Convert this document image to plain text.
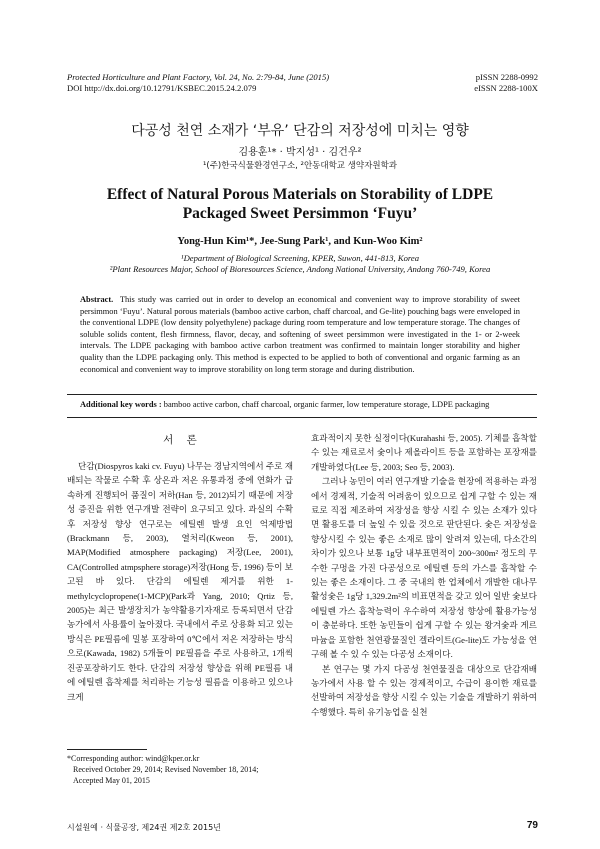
Protected Horticulture and Plant Factory, Vol. 24, No. 2:79-84, June (2015)
DOI http://dx.doi.org/10.12791/KSBEC.2015.24.2.079
pISSN 2288-0992
eISSN 2288-100X
다공성 천연 소재가 ‘부유’ 단감의 저장성에 미치는 영향
김용훈¹* · 박지성¹ · 김건우²
¹(주)한국식물환경연구소, ²안동대학교 생약자원학과
Effect of Natural Porous Materials on Storability of LDPE
Packaged Sweet Persimmon ‘Fuyu’
Yong-Hun Kim¹*, Jee-Sung Park¹, and Kun-Woo Kim²
¹Department of Biological Screening, KPER, Suwon, 441-813, Korea
²Plant Resources Major, School of Bioresources Science, Andong National University, Andong 760-749, Korea
Abstract. This study was carried out in order to develop an economical and convenient way to improve storability of sweet persimmon ‘Fuyu’. Natural porous materials (bamboo active carbon, chaff charcoal, and Ge-lite) pouching bags were enveloped in the conventional LDPE (low density polyethylene) package during room temperature and low temperature storage. The changes of soluble solids content, flesh firmness, flavor, decay, and softening of sweet persimmon were investigated in the 1- or 2-week intervals. The LDPE packaging with bamboo active carbon treatment was confirmed to maintain longer storability and higher quality than the LDPE packaging only. This method is expected to be applied to both of conventional and organic farming as an economical and convenient way to improve storability on long term storage and during distribution.
Additional key words : bamboo active carbon, chaff charcoal, organic farmer, low temperature storage, LDPE packaging
서    론

단감(Diospyros kaki cv. Fuyu) 나무는 경남지역에서 주로 재배되는 작물로 수확 후 상온과 저온 유통과정 중에 연화가 급속하게 진행되어 품질이 저하(Han 등, 2012)되기 때문에 저장성 증진을 위한 연구개발 전략이 요구되고 있다. 과실의 수확 후 저장성 향상 연구로는 에틸렌 발생 요인 억제방법(Brackmann 등, 2003), 열처리(Kweon 등, 2001), MAP(Modified atmosphere packaging) 저장(Lee, 2001), CA(Controlled atmpsphere storage)저장(Hong 등, 1996) 등이 보고된 바 있다. 단감의 에틸렌 제거를 위한 1-methylcyclopropene(1-MCP)(Park과 Yang, 2010; Qrtiz 등, 2005)는 최근 발생장치가 농약활용기자재로 등록되면서 단감 농가에서 사용률이 높아졌다. 국내에서 주로 상용화 되고 있는 방식은 PE필름에 밀봉 포장하여 0℃에서 저온 저장하는 방식으로(Kawada, 1982) 5개들이 PE필름을 주로 사용하고, 1개씩 진공포장하기도 한다. 단감의 저장성 향상을 위해 PE필름 내에 에틸렌 흡착제를 처리하는 기능성 필름을 이용하고 있으나 크게

효과적이지 못한 실정이다(Kurahashi 등, 2005). 기체를 흡착할 수 있는 재료로서 숯이나 제올라이트 등을 포함하는 포장재를 개발하였다(Lee 등, 2003; Seo 등, 2003).

그러나 농민이 여러 연구개발 기술을 현장에 적용하는 과정에서 경제적, 기술적 어려움이 있으므로 쉽게 구할 수 있는 재료로 직접 제조하여 저장성을 향상 시킬 수 있는 소재가 있다면 활용도를 더 높일 수 있을 것으로 판단된다. 숯은 저장성을 향상시킬 수 있는 좋은 소재로 많이 알려져 있는데, 다소간의 차이가 있으나 보통 1g당 내부표면적이 200~300m² 정도의 무수한 구멍을 가진 다공성으로 에틸렌 등의 가스를 흡착할 수 있는 좋은 소재이다. 그 중 국내의 한 업체에서 개발한 대나무활성숯은 1g당 1,329.2m²의 비표면적을 갖고 있어 일반 숯보다 에틸렌 가스 흡착능력이 우수하여 저장성 향상에 활용가능성이 충분하다. 또한 농민들이 쉽게 구할 수 있는 왕겨숯과 게르마늄을 포함한 천연광물질인 겔라이트(Ge-lite)도 가능성을 연구해 볼 수 있 수 있는 다공성 소재이다.

본 연구는 몇 가지 다공성 천연물질을 대상으로 단감재배 농가에서 사용 할 수 있는 경제적이고, 수급이 용이한 재료를 선발하여 저장성을 향상 시킬 수 있는 기술을 개발하기 위하여 수행했다. 특히 유기농업을 실천

*Corresponding author: wind@kper.or.kr
Received October 29, 2014; Revised November 18, 2014;
Accepted May 01, 2015
시설원예 · 식물공장, 제24권 제2호 2015년	79
